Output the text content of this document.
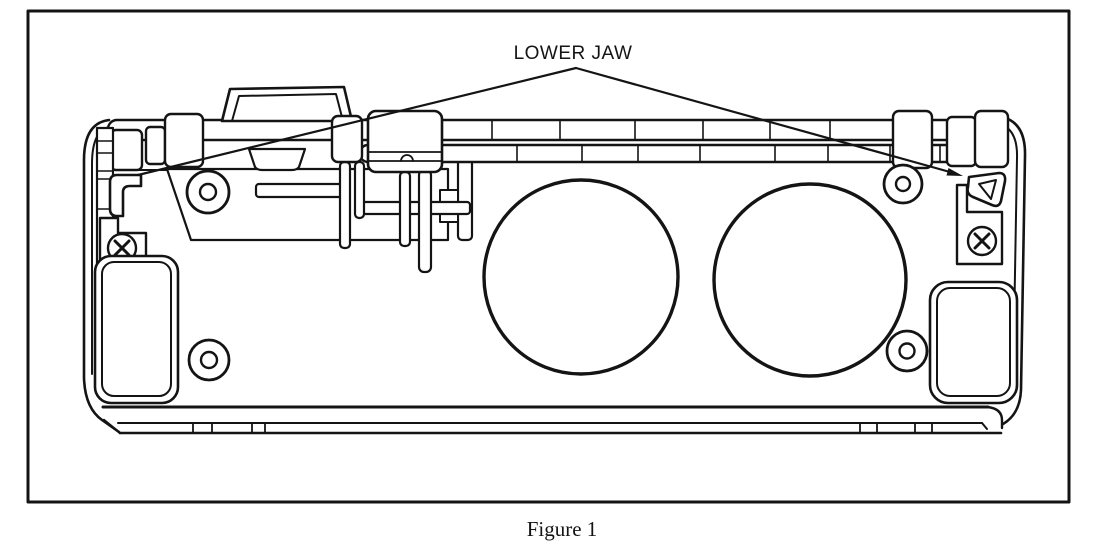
LOWER JAW
Figure 1
